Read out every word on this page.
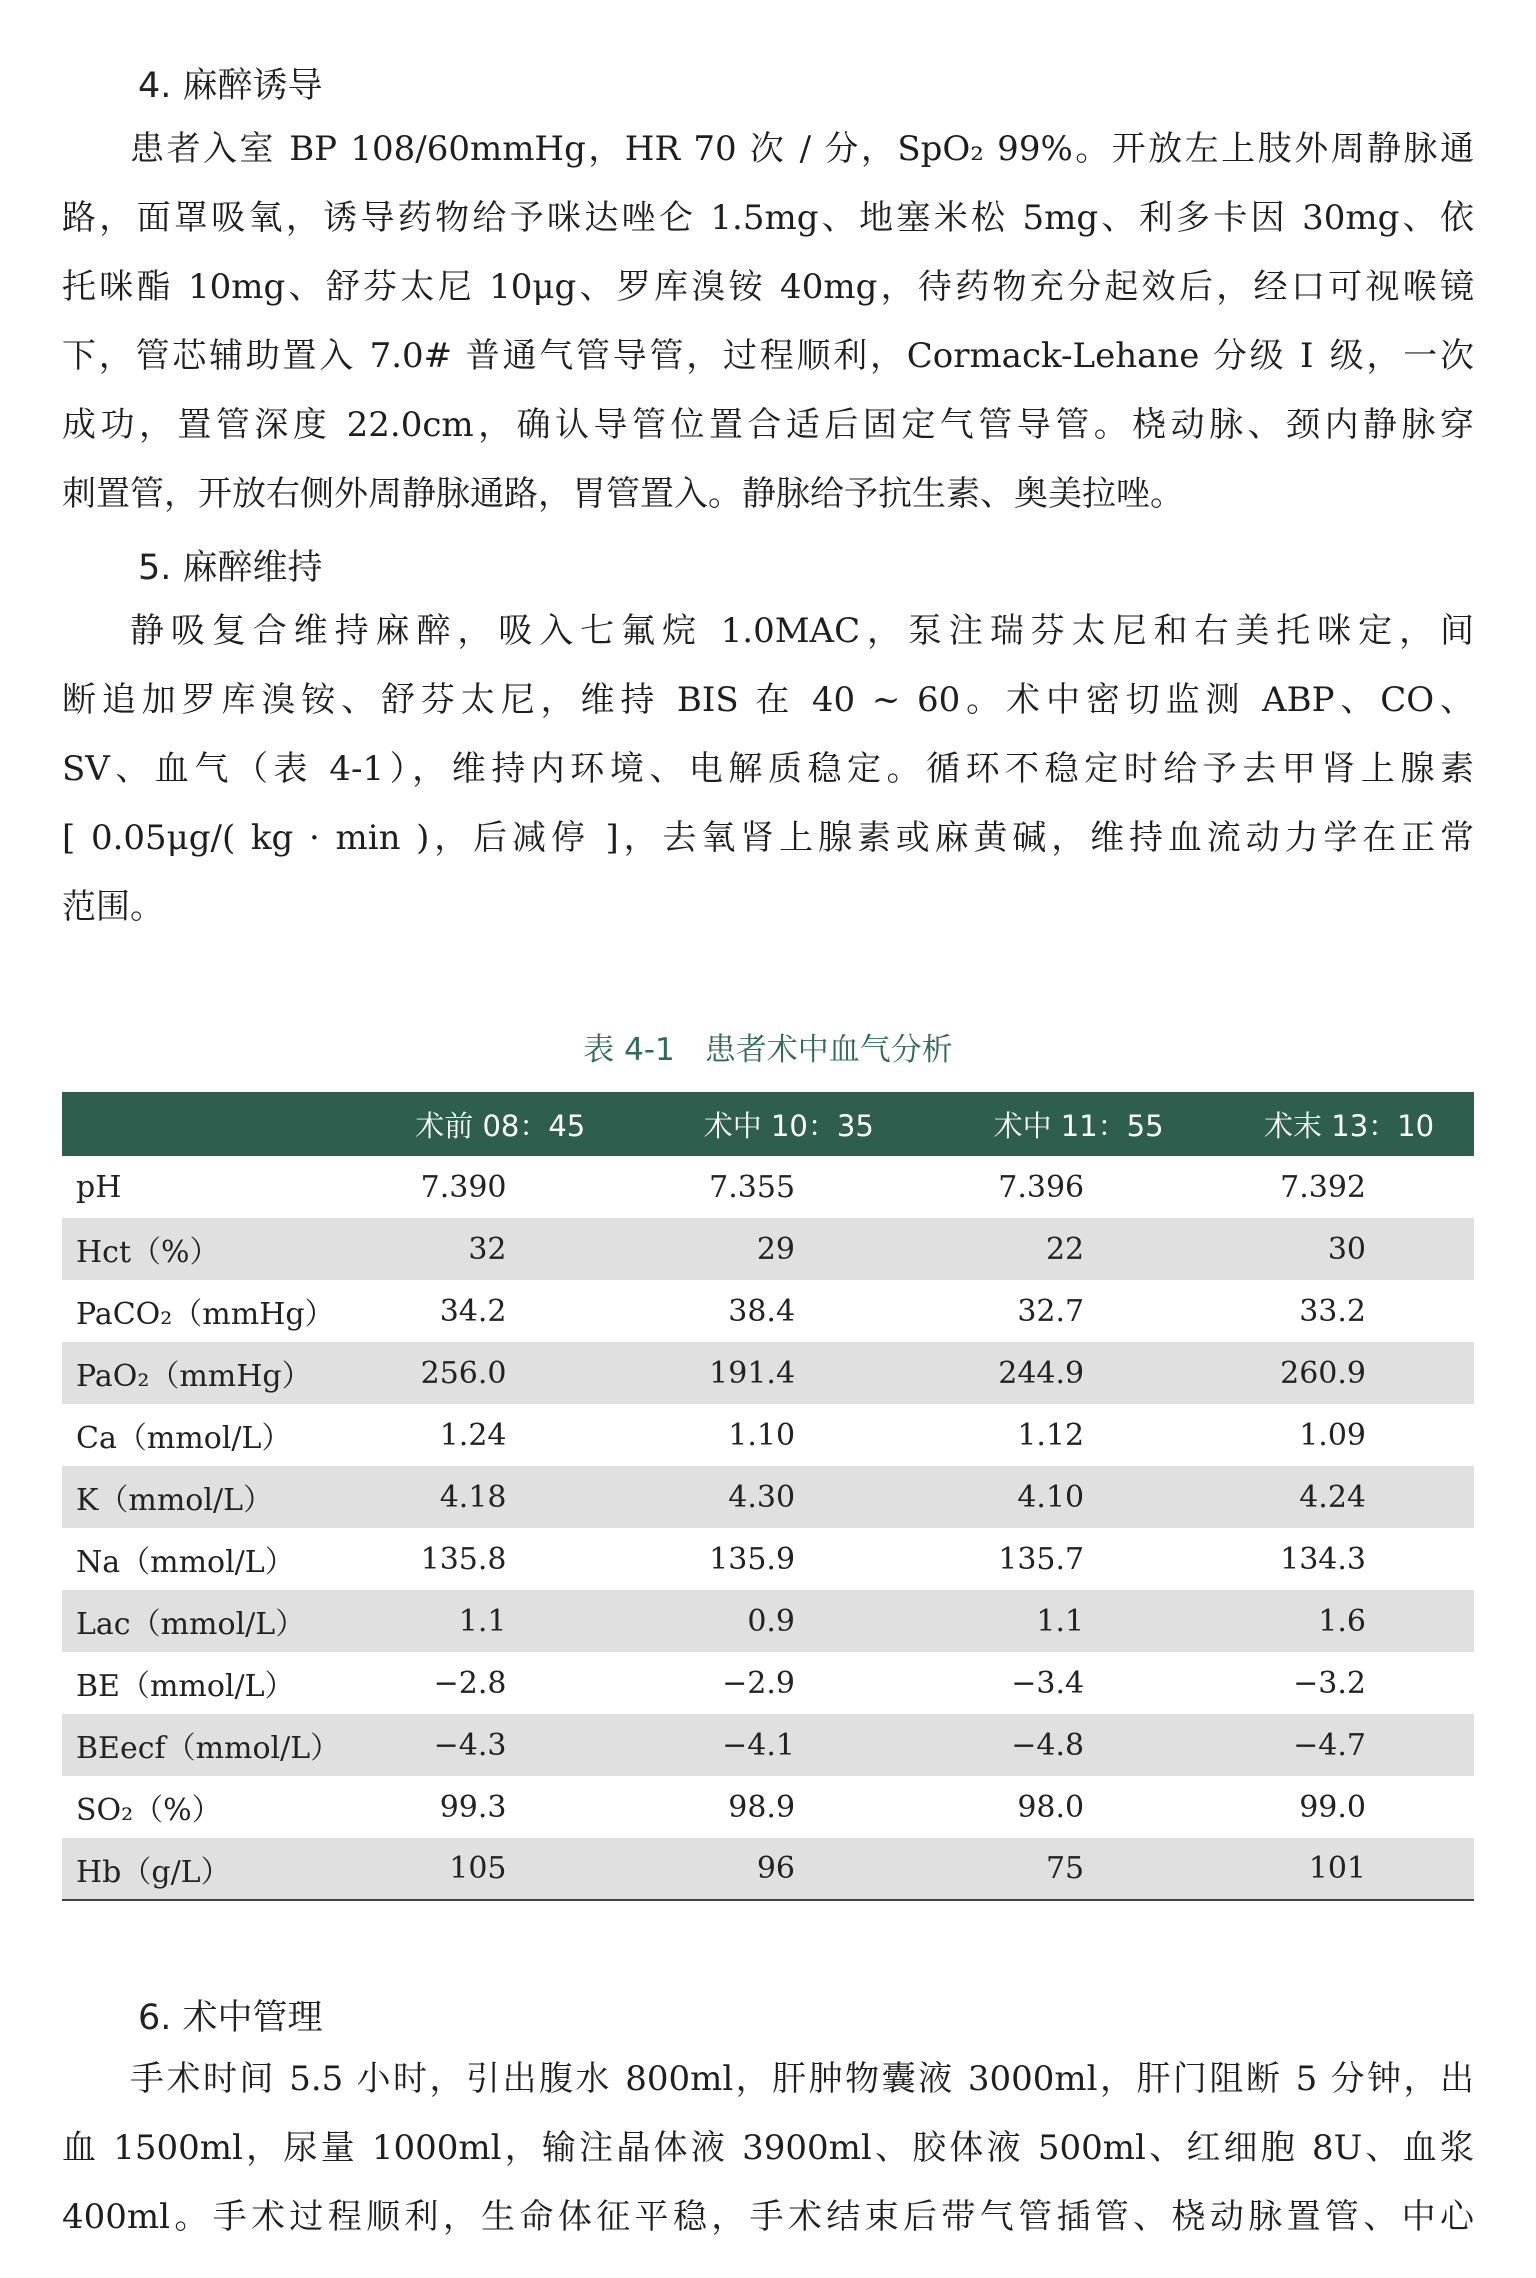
4. 麻醉诱导
患者入室 BP 108/60mmHg，HR 70 次 / 分，SpO₂ 99%。开放左上肢外周静脉通
路，面罩吸氧，诱导药物给予咪达唑仑 1.5mg、地塞米松 5mg、利多卡因 30mg、依
托咪酯 10mg、舒芬太尼 10μg、罗库溴铵 40mg，待药物充分起效后，经口可视喉镜
下，管芯辅助置入 7.0# 普通气管导管，过程顺利，Cormack-Lehane 分级 Ⅰ 级，一次
成功，置管深度 22.0cm，确认导管位置合适后固定气管导管。桡动脉、颈内静脉穿
刺置管，开放右侧外周静脉通路，胃管置入。静脉给予抗生素、奥美拉唑。
5. 麻醉维持
静吸复合维持麻醉，吸入七氟烷 1.0MAC，泵注瑞芬太尼和右美托咪定，间
断追加罗库溴铵、舒芬太尼，维持 BIS 在 40 ~ 60。术中密切监测 ABP、CO、
SV、血气（表 4-1），维持内环境、电解质稳定。循环不稳定时给予去甲肾上腺素
[ 0.05μg/( kg · min )，后减停 ]，去氧肾上腺素或麻黄碱，维持血流动力学在正常
范围。
表 4-1 患者术中血气分析
	术前 08：45	术中 10：35	术中 11：55	术末 13：10
pH	7.390	7.355	7.396	7.392
Hct（%）	32	29	22	30
PaCO₂（mmHg）	34.2	38.4	32.7	33.2
PaO₂（mmHg）	256.0	191.4	244.9	260.9
Ca（mmol/L）	1.24	1.10	1.12	1.09
K（mmol/L）	4.18	4.30	4.10	4.24
Na（mmol/L）	135.8	135.9	135.7	134.3
Lac（mmol/L）	1.1	0.9	1.1	1.6
BE（mmol/L）	−2.8	−2.9	−3.4	−3.2
BEecf（mmol/L）	−4.3	−4.1	−4.8	−4.7
SO₂（%）	99.3	98.9	98.0	99.0
Hb（g/L）	105	96	75	101
6. 术中管理
手术时间 5.5 小时，引出腹水 800ml，肝肿物囊液 3000ml，肝门阻断 5 分钟，出
血 1500ml，尿量 1000ml，输注晶体液 3900ml、胶体液 500ml、红细胞 8U、血浆
400ml。手术过程顺利，生命体征平稳，手术结束后带气管插管、桡动脉置管、中心
